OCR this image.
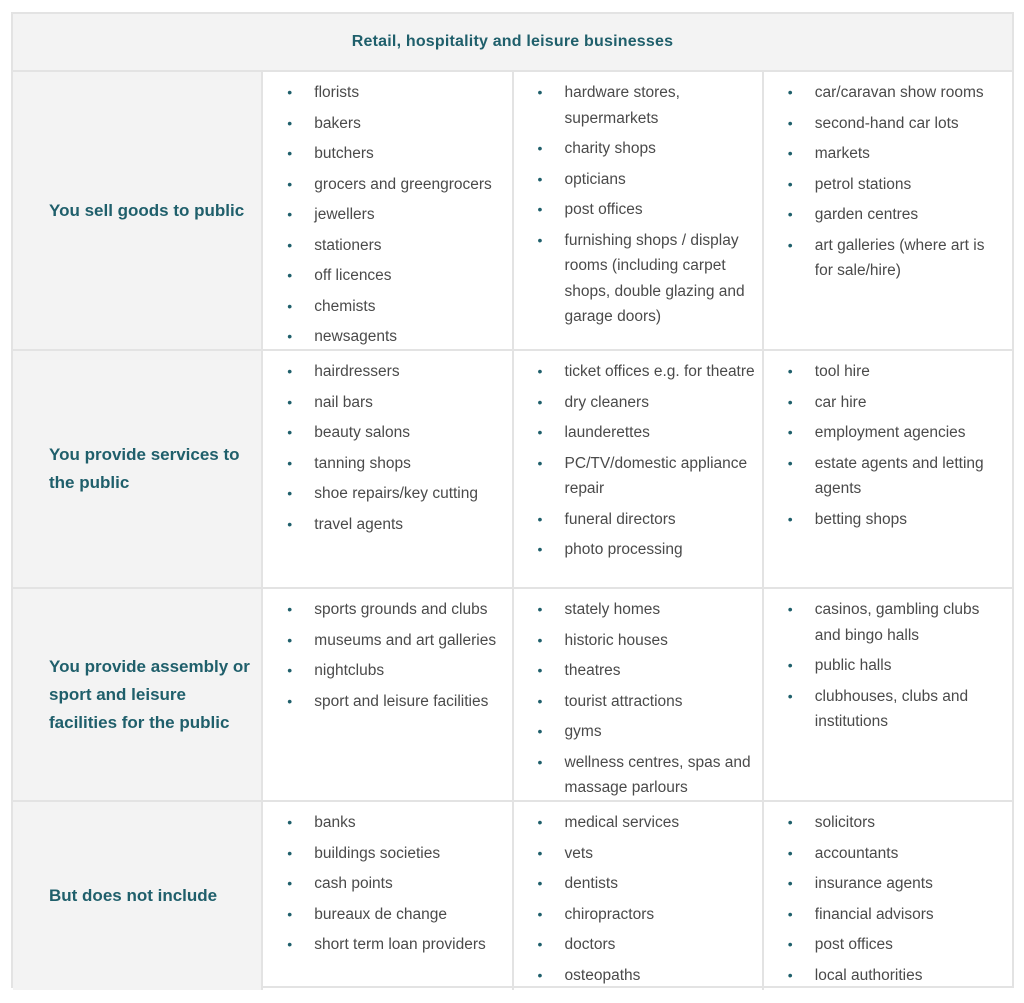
Retail, hospitality and leisure businesses
You sell goods to public
• florists
• bakers
• butchers
• grocers and greengrocers
• jewellers
• stationers
• off licences
• chemists
• newsagents
• hardware stores, supermarkets
• charity shops
• opticians
• post offices
• furnishing shops / display rooms (including carpet shops, double glazing and garage doors)
• car/caravan show rooms
• second-hand car lots
• markets
• petrol stations
• garden centres
• art galleries (where art is for sale/hire)
You provide services to the public
• hairdressers
• nail bars
• beauty salons
• tanning shops
• shoe repairs/key cutting
• travel agents
• ticket offices e.g. for theatre
• dry cleaners
• launderettes
• PC/TV/domestic appliance repair
• funeral directors
• photo processing
• tool hire
• car hire
• employment agencies
• estate agents and letting agents
• betting shops
You provide assembly or sport and leisure facilities for the public
• sports grounds and clubs
• museums and art galleries
• nightclubs
• sport and leisure facilities
• stately homes
• historic houses
• theatres
• tourist attractions
• gyms
• wellness centres, spas and massage parlours
• casinos, gambling clubs and bingo halls
• public halls
• clubhouses, clubs and institutions
But does not include
• banks
• buildings societies
• cash points
• bureaux de change
• short term loan providers
• medical services
• vets
• dentists
• chiropractors
• doctors
• osteopaths
• solicitors
• accountants
• insurance agents
• financial advisors
• post offices
• local authorities
